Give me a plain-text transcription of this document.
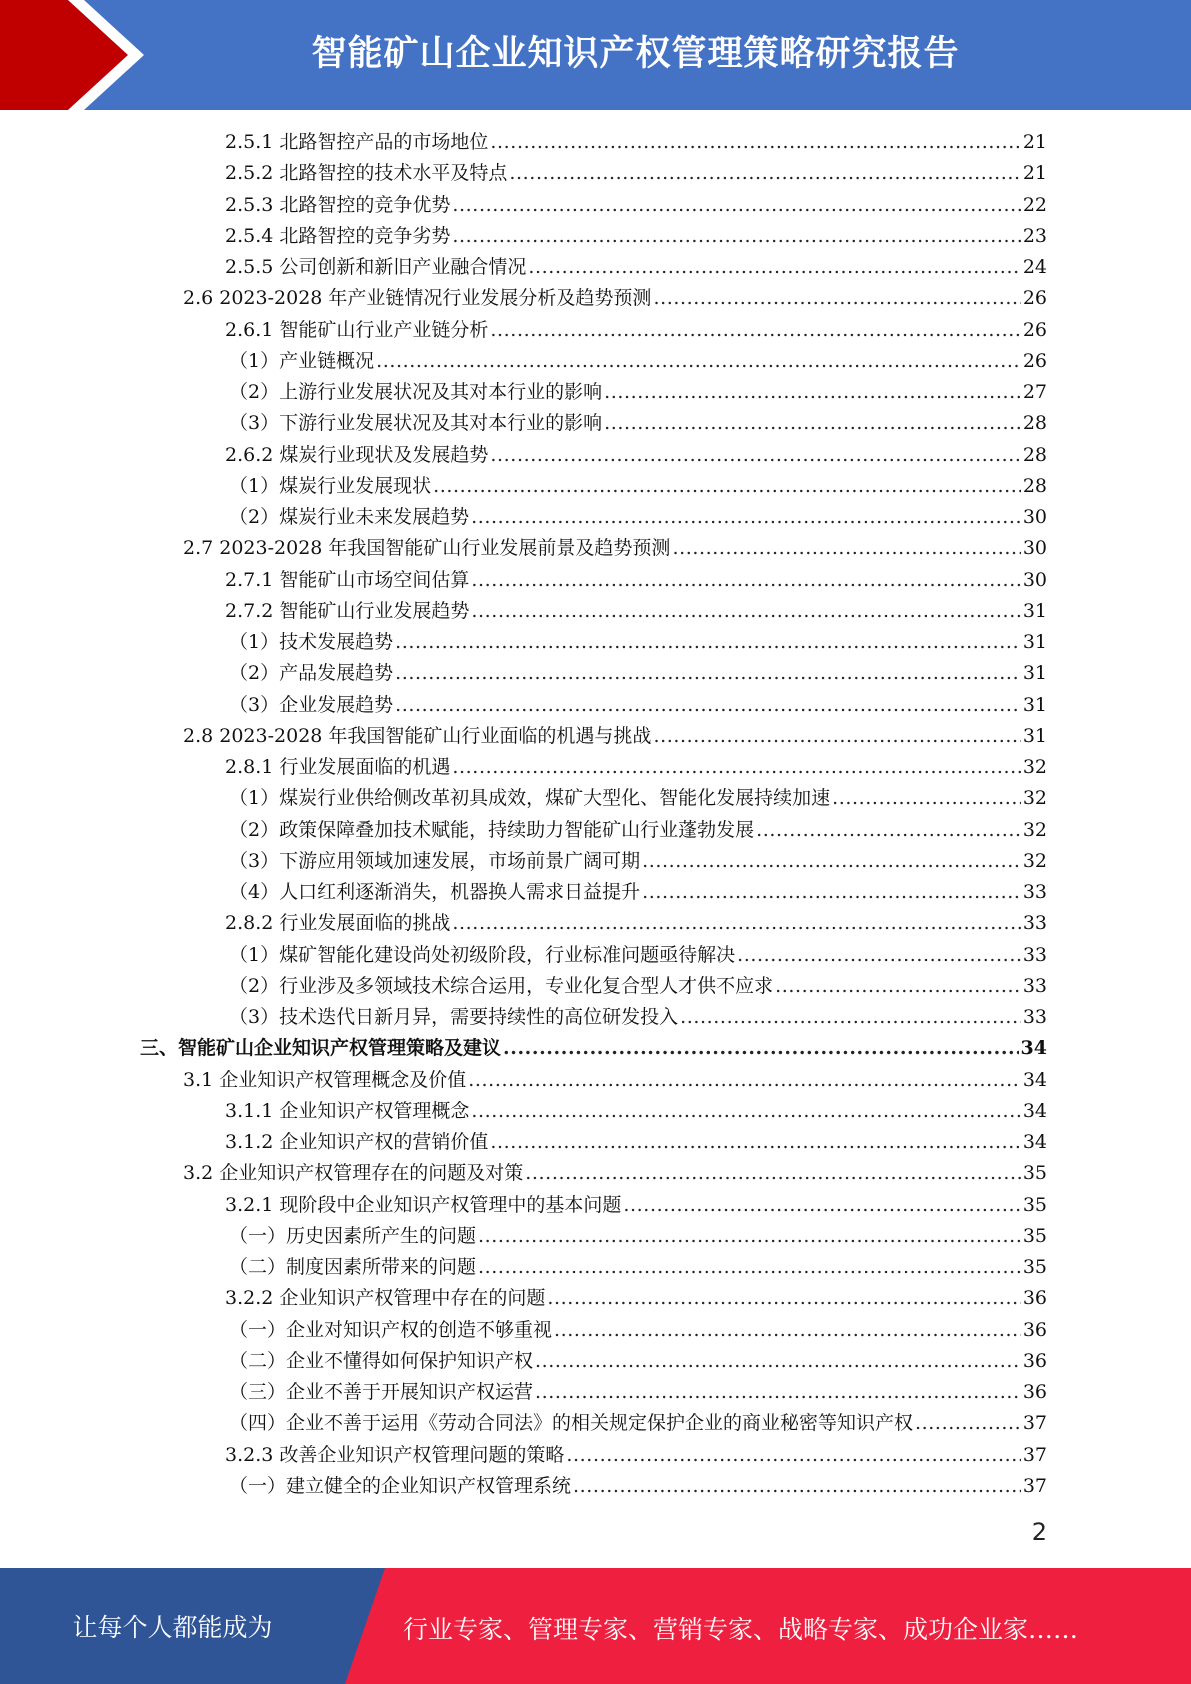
智能矿山企业知识产权管理策略研究报告
2.5.1 北路智控产品的市场地位 .....	21
2.5.2 北路智控的技术水平及特点 .....	21
2.5.3 北路智控的竞争优势 .....	22
2.5.4 北路智控的竞争劣势 .....	23
2.5.5 公司创新和新旧产业融合情况 .....	24
2.6 2023-2028 年产业链情况行业发展分析及趋势预测 .....	26
2.6.1 智能矿山行业产业链分析 .....	26
（1）产业链概况 .....	26
（2）上游行业发展状况及其对本行业的影响 .....	27
（3）下游行业发展状况及其对本行业的影响 .....	28
2.6.2 煤炭行业现状及发展趋势 .....	28
（1）煤炭行业发展现状 .....	28
（2）煤炭行业未来发展趋势 .....	30
2.7 2023-2028 年我国智能矿山行业发展前景及趋势预测 .....	30
2.7.1 智能矿山市场空间估算 .....	30
2.7.2 智能矿山行业发展趋势 .....	31
（1）技术发展趋势 .....	31
（2）产品发展趋势 .....	31
（3）企业发展趋势 .....	31
2.8 2023-2028 年我国智能矿山行业面临的机遇与挑战 .....	31
2.8.1 行业发展面临的机遇 .....	32
（1）煤炭行业供给侧改革初具成效，煤矿大型化、智能化发展持续加速 .....	32
（2）政策保障叠加技术赋能，持续助力智能矿山行业蓬勃发展 .....	32
（3）下游应用领域加速发展，市场前景广阔可期 .....	32
（4）人口红利逐渐消失，机器换人需求日益提升 .....	33
2.8.2 行业发展面临的挑战 .....	33
（1）煤矿智能化建设尚处初级阶段，行业标准问题亟待解决 .....	33
（2）行业涉及多领域技术综合运用，专业化复合型人才供不应求 .....	33
（3）技术迭代日新月异，需要持续性的高位研发投入 .....	33
三、智能矿山企业知识产权管理策略及建议 .....	34
3.1 企业知识产权管理概念及价值 .....	34
3.1.1 企业知识产权管理概念 .....	34
3.1.2 企业知识产权的营销价值 .....	34
3.2 企业知识产权管理存在的问题及对策 .....	35
3.2.1 现阶段中企业知识产权管理中的基本问题 .....	35
（一）历史因素所产生的问题 .....	35
（二）制度因素所带来的问题 .....	35
3.2.2 企业知识产权管理中存在的问题 .....	36
（一）企业对知识产权的创造不够重视 .....	36
（二）企业不懂得如何保护知识产权 .....	36
（三）企业不善于开展知识产权运营 .....	36
（四）企业不善于运用《劳动合同法》的相关规定保护企业的商业秘密等知识产权 .....	37
3.2.3 改善企业知识产权管理问题的策略 .....	37
（一）建立健全的企业知识产权管理系统 .....	37
2
让每个人都能成为	行业专家、管理专家、营销专家、战略专家、成功企业家……
